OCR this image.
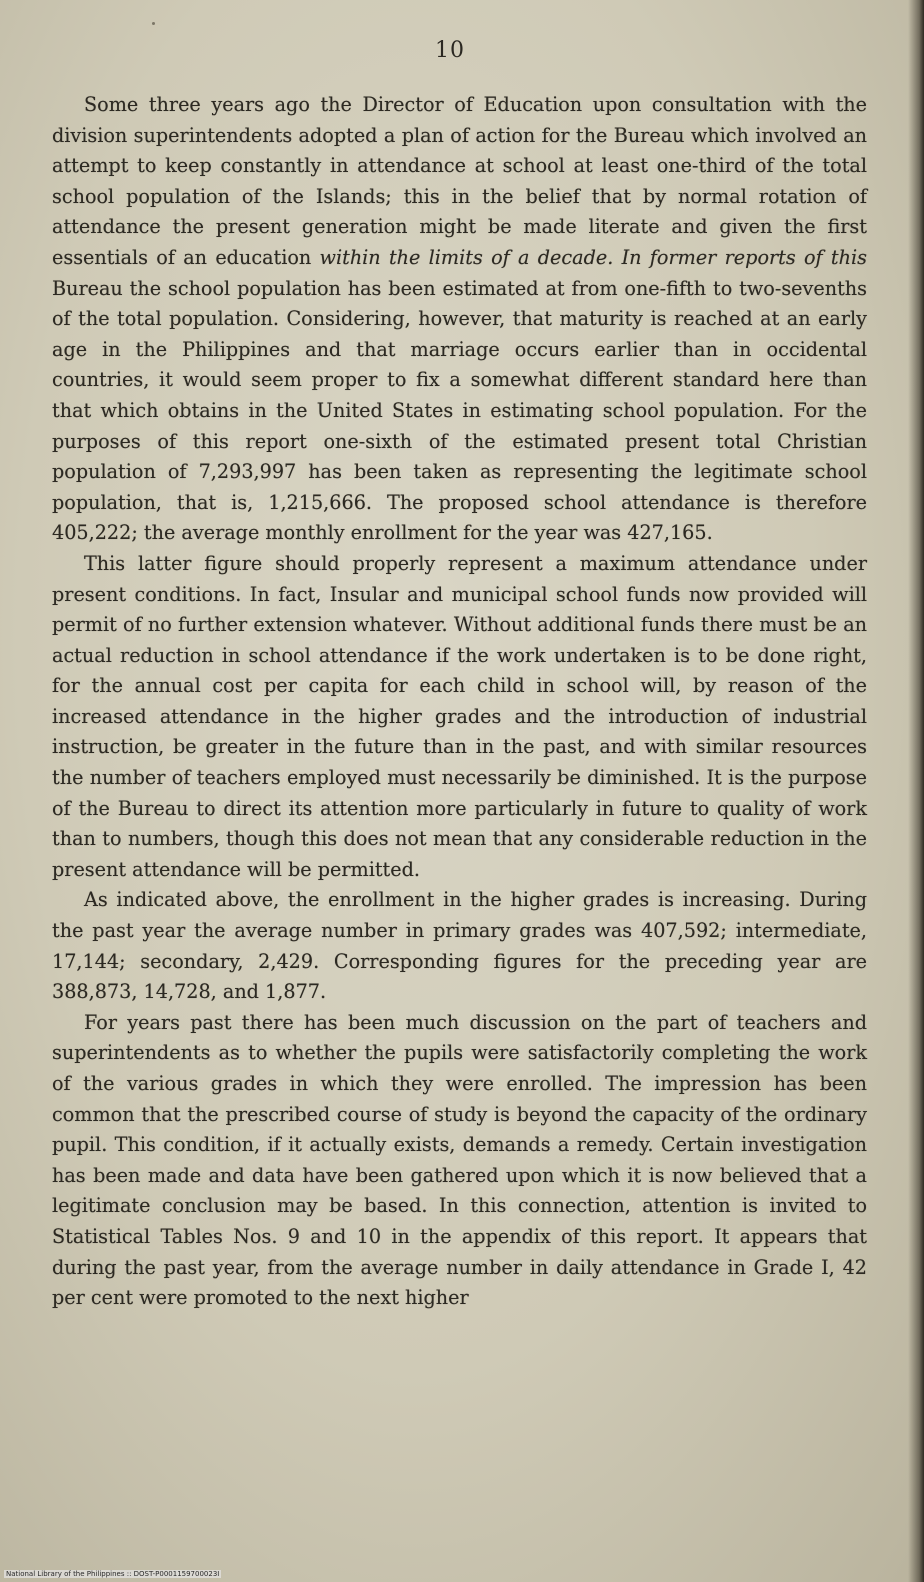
10

Some three years ago the Director of Education upon consultation with the division superintendents adopted a plan of action for the Bureau which involved an attempt to keep constantly in attendance at school at least one-third of the total school population of the Islands; this in the belief that by normal rotation of attendance the present generation might be made literate and given the first essentials of an education within the limits of a decade. In former reports of this Bureau the school population has been estimated at from one-fifth to two-sevenths of the total population. Considering, however, that maturity is reached at an early age in the Philippines and that marriage occurs earlier than in occidental countries, it would seem proper to fix a somewhat different standard here than that which obtains in the United States in estimating school population. For the purposes of this report one-sixth of the estimated present total Christian population of 7,293,997 has been taken as representing the legitimate school population, that is, 1,215,666. The proposed school attendance is therefore 405,222; the average monthly enrollment for the year was 427,165.

This latter figure should properly represent a maximum attendance under present conditions. In fact, Insular and municipal school funds now provided will permit of no further extension whatever. Without additional funds there must be an actual reduction in school attendance if the work undertaken is to be done right, for the annual cost per capita for each child in school will, by reason of the increased attendance in the higher grades and the introduction of industrial instruction, be greater in the future than in the past, and with similar resources the number of teachers employed must necessarily be diminished. It is the purpose of the Bureau to direct its attention more particularly in future to quality of work than to numbers, though this does not mean that any considerable reduction in the present attendance will be permitted.

As indicated above, the enrollment in the higher grades is increasing. During the past year the average number in primary grades was 407,592; intermediate, 17,144; secondary, 2,429. Corresponding figures for the preceding year are 388,873, 14,728, and 1,877.

For years past there has been much discussion on the part of teachers and superintendents as to whether the pupils were satisfactorily completing the work of the various grades in which they were enrolled. The impression has been common that the prescribed course of study is beyond the capacity of the ordinary pupil. This condition, if it actually exists, demands a remedy. Certain investigation has been made and data have been gathered upon which it is now believed that a legitimate conclusion may be based. In this connection, attention is invited to Statistical Tables Nos. 9 and 10 in the appendix of this report. It appears that during the past year, from the average number in daily attendance in Grade I, 42 per cent were promoted to the next higher

National Library of the Philippines :: DOST-P0001159700023I
